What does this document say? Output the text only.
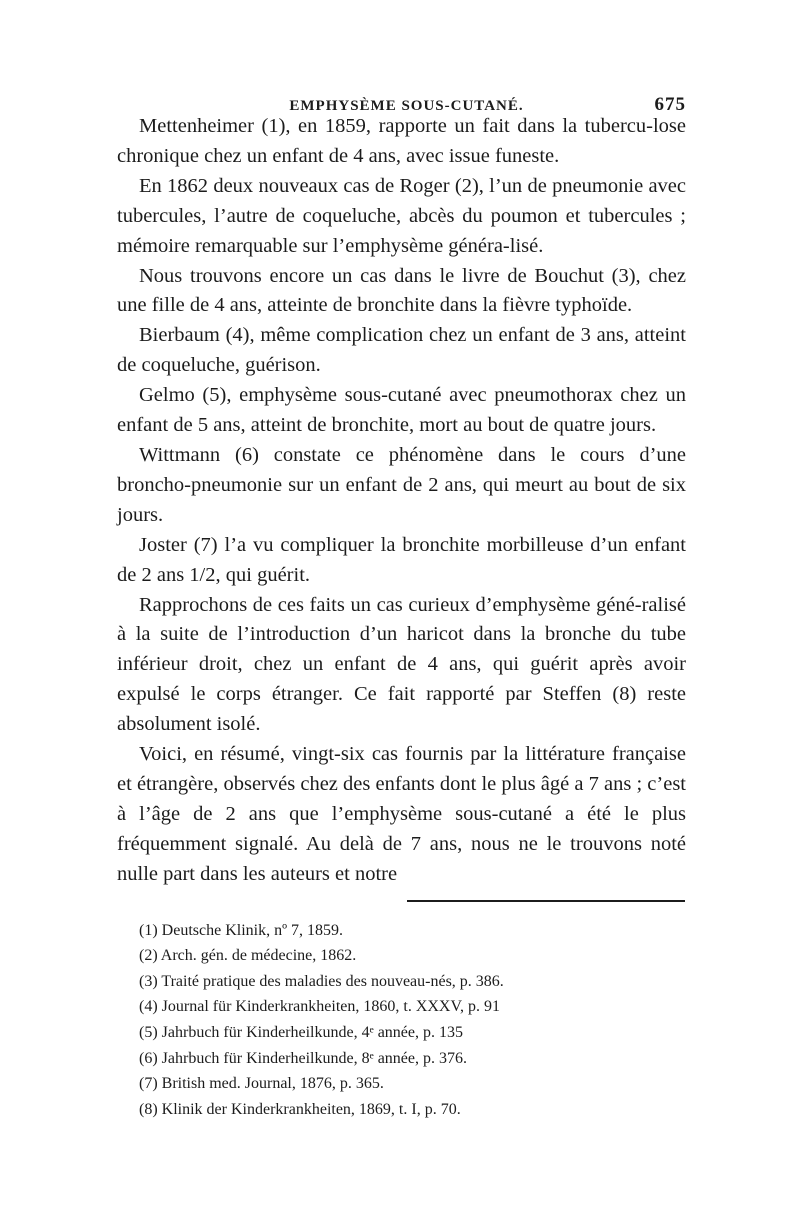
EMPHYSÈME SOUS-CUTANÉ.	675

Mettenheimer (1), en 1859, rapporte un fait dans la tubercu-lose chronique chez un enfant de 4 ans, avec issue funeste.

En 1862 deux nouveaux cas de Roger (2), l’un de pneumonie avec tubercules, l’autre de coqueluche, abcès du poumon et tubercules ; mémoire remarquable sur l’emphysème généra-lisé.

Nous trouvons encore un cas dans le livre de Bouchut (3), chez une fille de 4 ans, atteinte de bronchite dans la fièvre typhoïde.

Bierbaum (4), même complication chez un enfant de 3 ans, atteint de coqueluche, guérison.

Gelmo (5), emphysème sous-cutané avec pneumothorax chez un enfant de 5 ans, atteint de bronchite, mort au bout de quatre jours.

Wittmann (6) constate ce phénomène dans le cours d’une broncho-pneumonie sur un enfant de 2 ans, qui meurt au bout de six jours.

Joster (7) l’a vu compliquer la bronchite morbilleuse d’un enfant de 2 ans 1/2, qui guérit.

Rapprochons de ces faits un cas curieux d’emphysème géné-ralisé à la suite de l’introduction d’un haricot dans la bronche du tube inférieur droit, chez un enfant de 4 ans, qui guérit après avoir expulsé le corps étranger. Ce fait rapporté par Steffen (8) reste absolument isolé.

Voici, en résumé, vingt-six cas fournis par la littérature française et étrangère, observés chez des enfants dont le plus âgé a 7 ans ; c’est à l’âge de 2 ans que l’emphysème sous-cutané a été le plus fréquemment signalé. Au delà de 7 ans, nous ne le trouvons noté nulle part dans les auteurs et notre

(1) Deutsche Klinik, nº 7, 1859.
(2) Arch. gén. de médecine, 1862.
(3) Traité pratique des maladies des nouveau-nés, p. 386.
(4) Journal für Kinderkrankheiten, 1860, t. XXXV, p. 91
(5) Jahrbuch für Kinderheilkunde, 4ᵉ année, p. 135
(6) Jahrbuch für Kinderheilkunde, 8ᵉ année, p. 376.
(7) British med. Journal, 1876, p. 365.
(8) Klinik der Kinderkrankheiten, 1869, t. I, p. 70.
